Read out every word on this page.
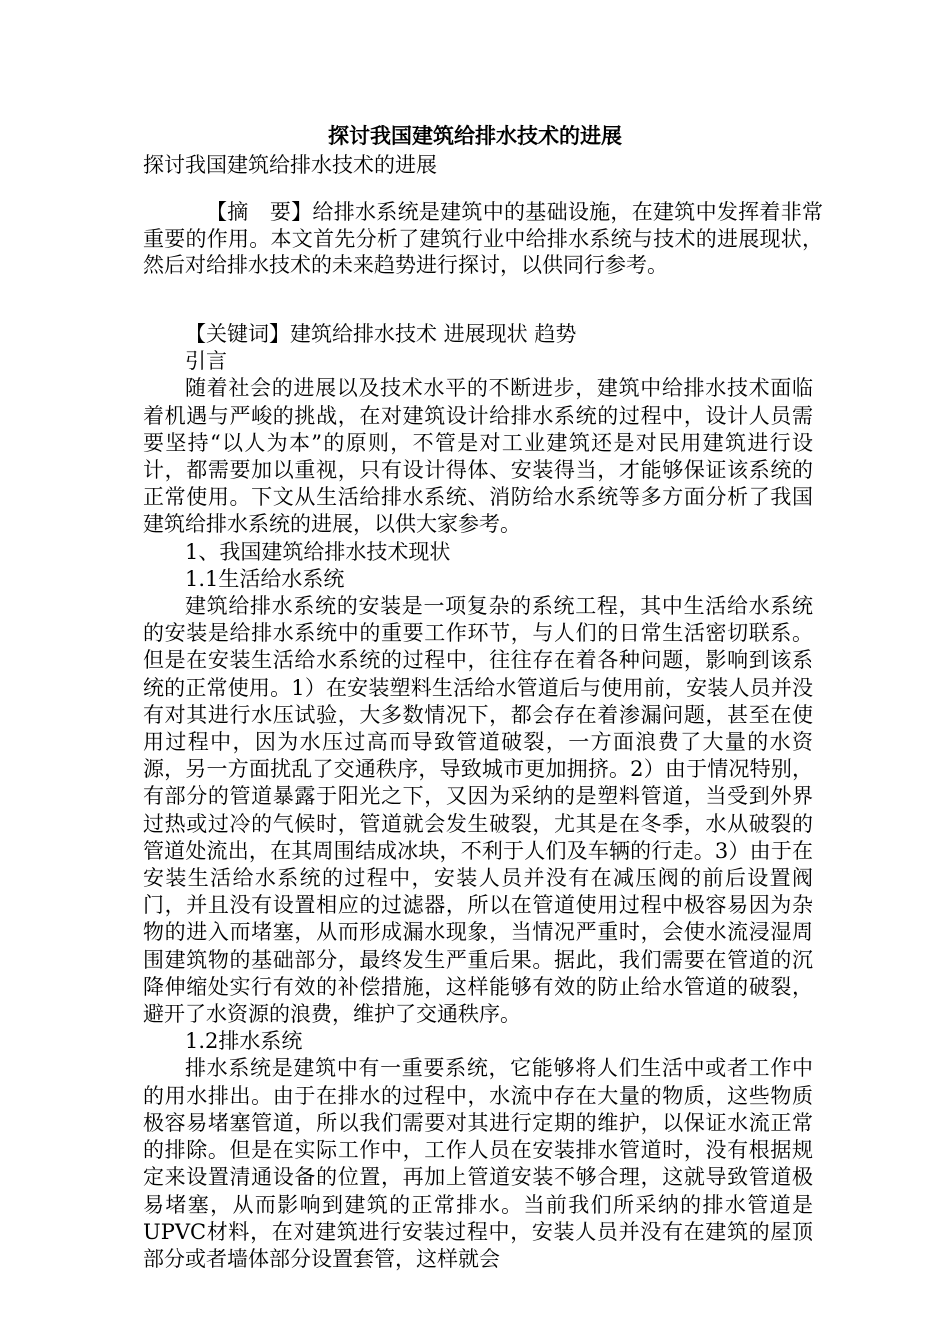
探讨我国建筑给排水技术的进展
探讨我国建筑给排水技术的进展

【摘　要】给排水系统是建筑中的基础设施，在建筑中发挥着非常重要的作用。本文首先分析了建筑行业中给排水系统与技术的进展现状，然后对给排水技术的未来趋势进行探讨，以供同行参考。

【关键词】建筑给排水技术 进展现状 趋势

引言

随着社会的进展以及技术水平的不断进步，建筑中给排水技术面临着机遇与严峻的挑战，在对建筑设计给排水系统的过程中，设计人员需要坚持“以人为本”的原则，不管是对工业建筑还是对民用建筑进行设计，都需要加以重视，只有设计得体、安装得当，才能够保证该系统的正常使用。下文从生活给排水系统、消防给水系统等多方面分析了我国建筑给排水系统的进展，以供大家参考。

1、我国建筑给排水技术现状

1.1生活给水系统

建筑给排水系统的安装是一项复杂的系统工程，其中生活给水系统的安装是给排水系统中的重要工作环节，与人们的日常生活密切联系。但是在安装生活给水系统的过程中，往往存在着各种问题，影响到该系统的正常使用。1）在安装塑料生活给水管道后与使用前，安装人员并没有对其进行水压试验，大多数情况下，都会存在着渗漏问题，甚至在使用过程中，因为水压过高而导致管道破裂，一方面浪费了大量的水资源，另一方面扰乱了交通秩序，导致城市更加拥挤。2）由于情况特别，有部分的管道暴露于阳光之下，又因为采纳的是塑料管道，当受到外界过热或过冷的气候时，管道就会发生破裂，尤其是在冬季，水从破裂的管道处流出，在其周围结成冰块，不利于人们及车辆的行走。3）由于在安装生活给水系统的过程中，安装人员并没有在减压阀的前后设置阀门，并且没有设置相应的过滤器，所以在管道使用过程中极容易因为杂物的进入而堵塞，从而形成漏水现象，当情况严重时，会使水流浸湿周围建筑物的基础部分，最终发生严重后果。据此，我们需要在管道的沉降伸缩处实行有效的补偿措施，这样能够有效的防止给水管道的破裂，避开了水资源的浪费，维护了交通秩序。

1.2排水系统

排水系统是建筑中有一重要系统，它能够将人们生活中或者工作中的用水排出。由于在排水的过程中，水流中存在大量的物质，这些物质极容易堵塞管道，所以我们需要对其进行定期的维护，以保证水流正常的排除。但是在实际工作中，工作人员在安装排水管道时，没有根据规定来设置清通设备的位置，再加上管道安装不够合理，这就导致管道极易堵塞，从而影响到建筑的正常排水。当前我们所采纳的排水管道是UPVC材料，在对建筑进行安装过程中，安装人员并没有在建筑的屋顶部分或者墙体部分设置套管，这样就会
